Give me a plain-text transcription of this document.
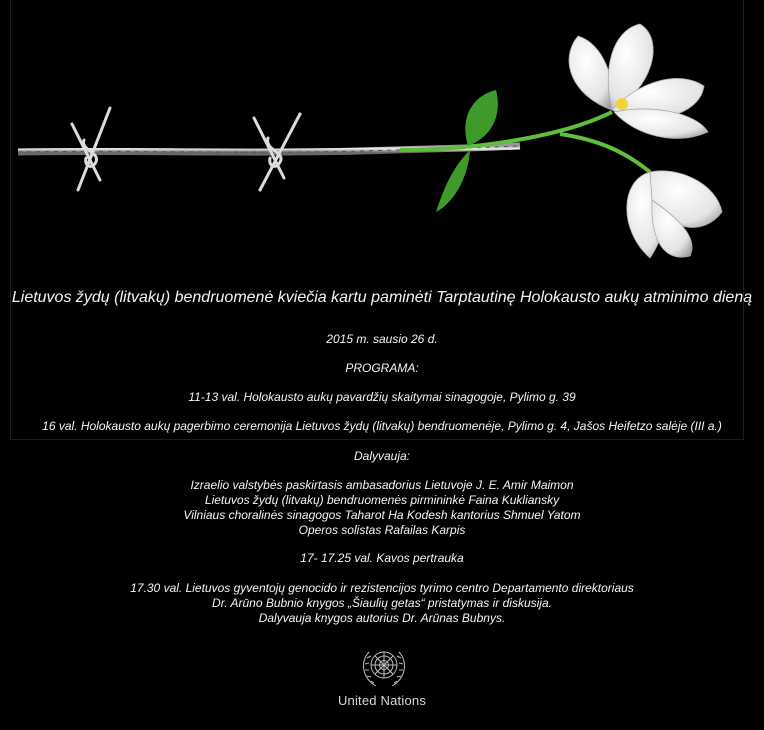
Lietuvos žydų (litvakų) bendruomenė kviečia kartu paminėti Tarptautinę Holokausto aukų atminimo dieną
2015 m. sausio 26 d.
PROGRAMA:
11-13 val. Holokausto aukų pavardžių skaitymai sinagogoje, Pylimo g. 39
16 val. Holokausto aukų pagerbimo ceremonija Lietuvos žydų (litvakų) bendruomenėje, Pylimo g. 4, Jašos Heifetzo salėje (III a.)
Dalyvauja:
Izraelio valstybės paskirtasis ambasadorius Lietuvoje J. E. Amir Maimon
Lietuvos žydų (litvakų) bendruomenės pirmininkė Faina Kukliansky
Vilniaus choralinės sinagogos Taharot Ha Kodesh kantorius Shmuel Yatom
Operos solistas Rafailas Karpis
17- 17.25 val. Kavos pertrauka
17.30 val. Lietuvos gyventojų genocido ir rezistencijos tyrimo centro Departamento direktoriaus
Dr. Arūno Bubnio knygos „Šiaulių getas“ pristatymas ir diskusija.
Dalyvauja knygos autorius Dr. Arūnas Bubnys.
United Nations
